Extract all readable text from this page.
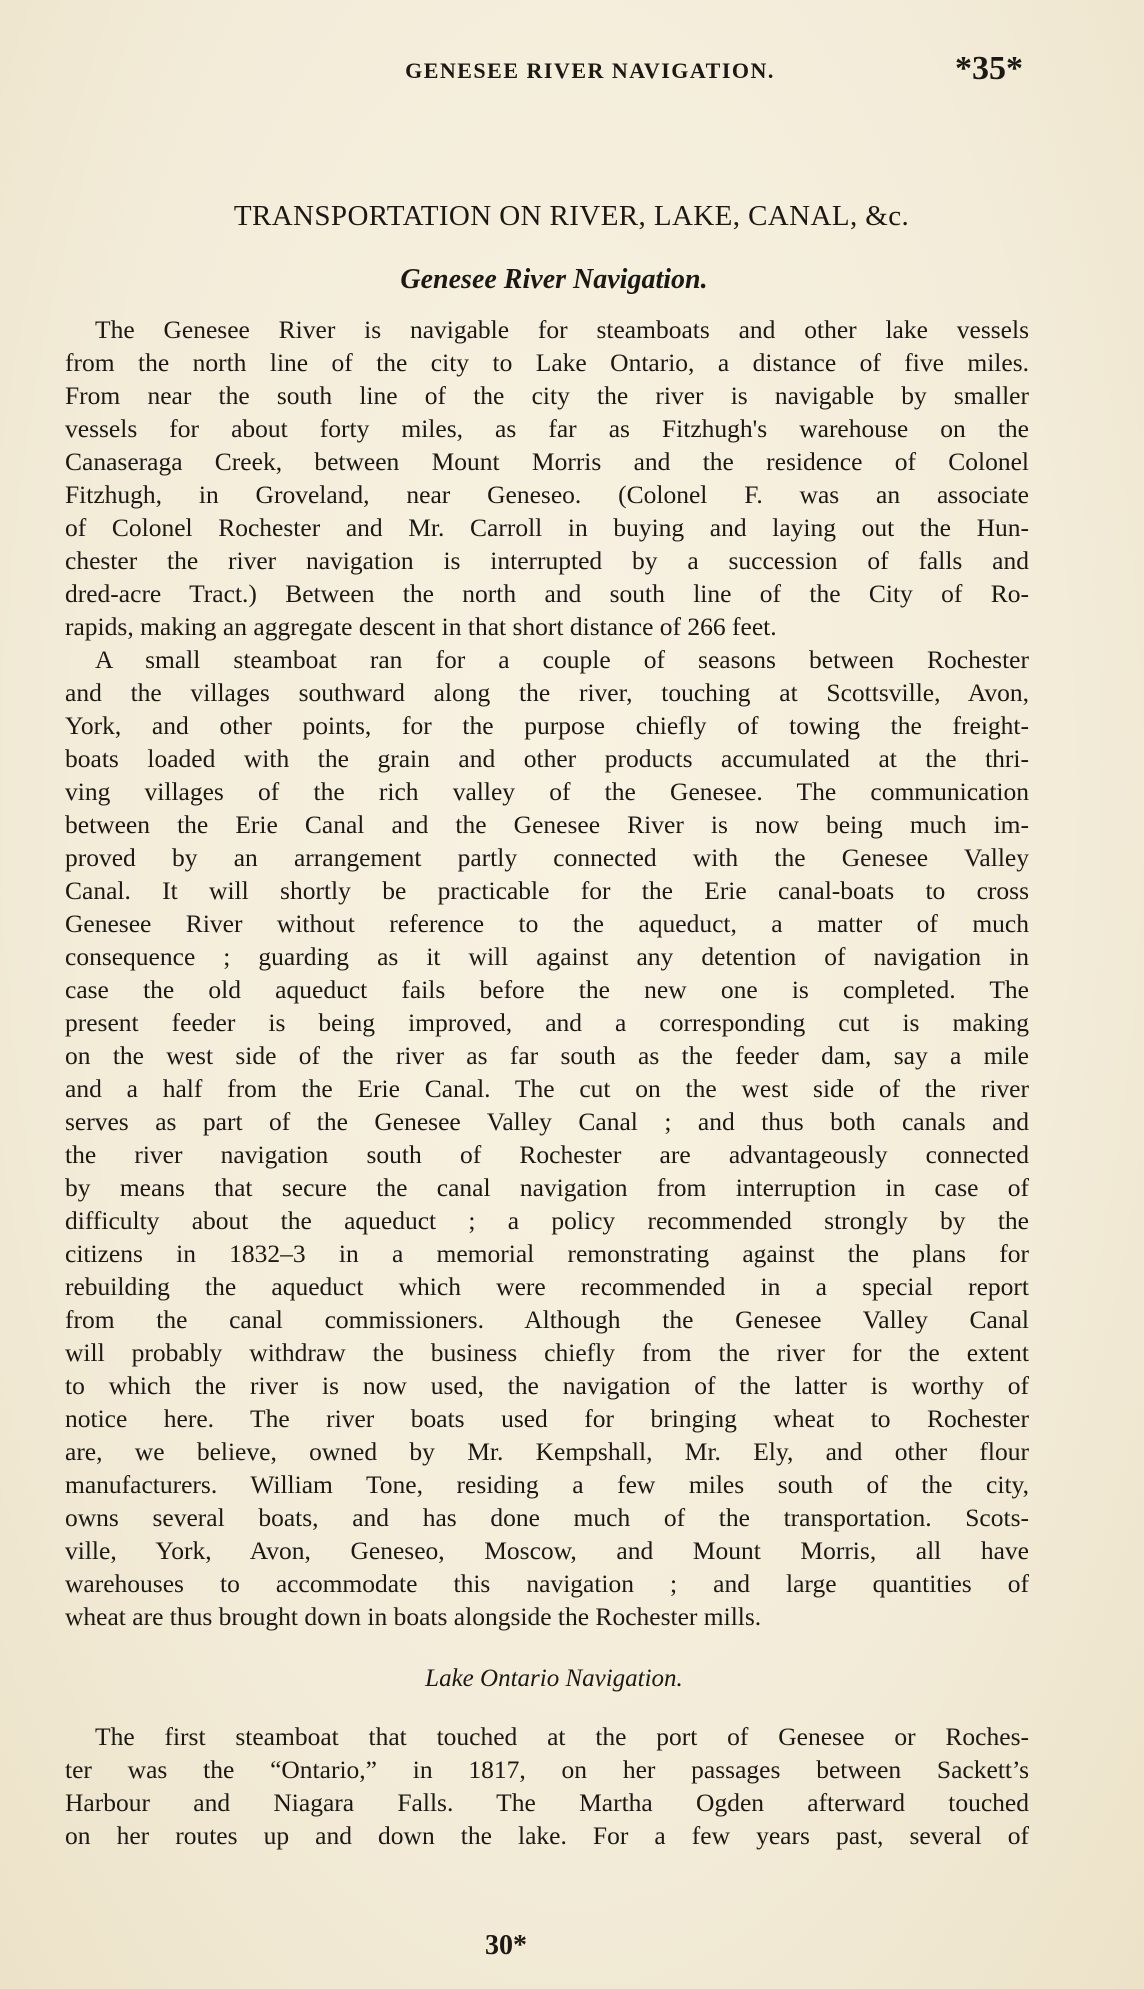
GENESEE RIVER NAVIGATION.	*35*
TRANSPORTATION ON RIVER, LAKE, CANAL, &c.
Genesee River Navigation.
The Genesee River is navigable for steamboats and other lake vessels
from the north line of the city to Lake Ontario, a distance of five miles.
From near the south line of the city the river is navigable by smaller
vessels for about forty miles, as far as Fitzhugh's warehouse on the
Canaseraga Creek, between Mount Morris and the residence of Colonel
Fitzhugh, in Groveland, near Geneseo. (Colonel F. was an associate
of Colonel Rochester and Mr. Carroll in buying and laying out the Hun-
chester the river navigation is interrupted by a succession of falls and
dred-acre Tract.) Between the north and south line of the City of Ro-
rapids, making an aggregate descent in that short distance of 266 feet.
A small steamboat ran for a couple of seasons between Rochester
and the villages southward along the river, touching at Scottsville, Avon,
York, and other points, for the purpose chiefly of towing the freight-
boats loaded with the grain and other products accumulated at the thri-
ving villages of the rich valley of the Genesee. The communication
between the Erie Canal and the Genesee River is now being much im-
proved by an arrangement partly connected with the Genesee Valley
Canal. It will shortly be practicable for the Erie canal-boats to cross
Genesee River without reference to the aqueduct, a matter of much
consequence ; guarding as it will against any detention of navigation in
case the old aqueduct fails before the new one is completed. The
present feeder is being improved, and a corresponding cut is making
on the west side of the river as far south as the feeder dam, say a mile
and a half from the Erie Canal. The cut on the west side of the river
serves as part of the Genesee Valley Canal ; and thus both canals and
the river navigation south of Rochester are advantageously connected
by means that secure the canal navigation from interruption in case of
difficulty about the aqueduct ; a policy recommended strongly by the
citizens in 1832–3 in a memorial remonstrating against the plans for
rebuilding the aqueduct which were recommended in a special report
from the canal commissioners. Although the Genesee Valley Canal
will probably withdraw the business chiefly from the river for the extent
to which the river is now used, the navigation of the latter is worthy of
notice here. The river boats used for bringing wheat to Rochester
are, we believe, owned by Mr. Kempshall, Mr. Ely, and other flour
manufacturers. William Tone, residing a few miles south of the city,
owns several boats, and has done much of the transportation. Scots-
ville, York, Avon, Geneseo, Moscow, and Mount Morris, all have
warehouses to accommodate this navigation ; and large quantities of
wheat are thus brought down in boats alongside the Rochester mills.
Lake Ontario Navigation.
The first steamboat that touched at the port of Genesee or Roches-
ter was the “Ontario,” in 1817, on her passages between Sackett’s
Harbour and Niagara Falls. The Martha Ogden afterward touched
on her routes up and down the lake. For a few years past, several of
30*
